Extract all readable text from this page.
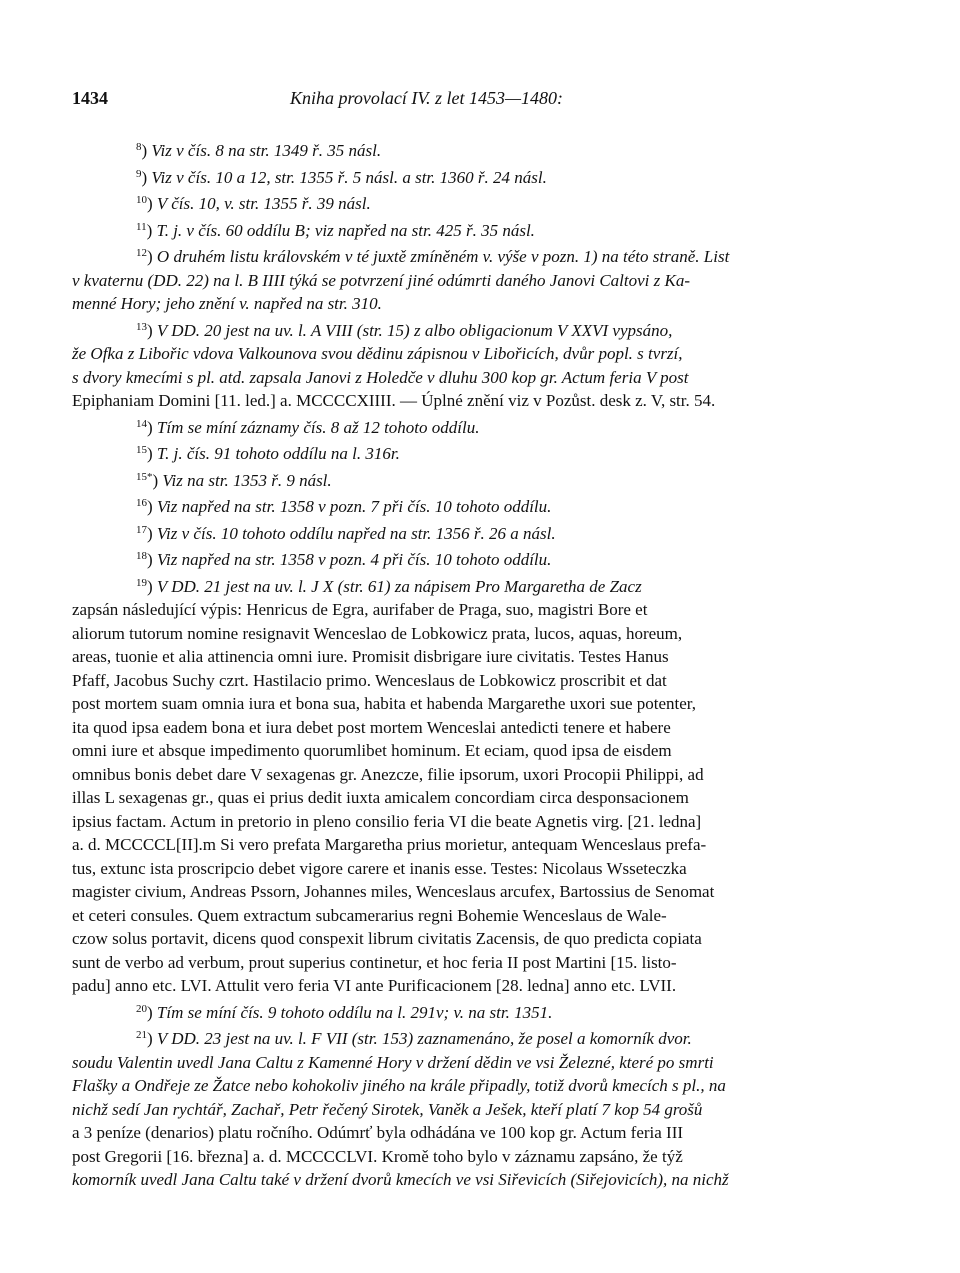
1434	Kniha provolací IV. z let 1453—1480:

$^8$) Viz v čís. 8 na str. 1349 ř. 35 násl.

$^9$) Viz v čís. 10 a 12, str. 1355 ř. 5 násl. a str. 1360 ř. 24 násl.

$^{10}$) V čís. 10, v. str. 1355 ř. 39 násl.

$^{11}$) T. j. v čís. 60 oddílu B; viz napřed na str. 425 ř. 35 násl.

$^{12}$) O druhém listu královském v té juxtě zmíněném v. výše v pozn. 1) na této straně. List

v kvaternu (DD. 22) na l. B IIII týká se potvrzení jiné odúmrti daného Janovi Caltovi z Ka-

menné Hory; jeho znění v. napřed na str. 310.

$^{13}$) V DD. 20 jest na uv. l. A VIII (str. 15) z albo obligacionum V XXVI vypsáno,

že Ofka z Libořic vdova Valkounova svou dědinu zápisnou v Libořicích, dvůr popl. s tvrzí,

s dvory kmecími s pl. atd. zapsala Janovi z Holedče v dluhu 300 kop gr. Actum feria V post

Epiphaniam Domini [11. led.] a. MCCCCXIIII. — Úplné znění viz v Pozůst. desk z. V, str. 54.

$^{14}$) Tím se míní záznamy čís. 8 až 12 tohoto oddílu.

$^{15}$) T. j. čís. 91 tohoto oddílu na l. 316r.

$^{15*}$) Viz na str. 1353 ř. 9 násl.

$^{16}$) Viz napřed na str. 1358 v pozn. 7 při čís. 10 tohoto oddílu.

$^{17}$) Viz v čís. 10 tohoto oddílu napřed na str. 1356 ř. 26 a násl.

$^{18}$) Viz napřed na str. 1358 v pozn. 4 při čís. 10 tohoto oddílu.

$^{19}$) V DD. 21 jest na uv. l. J X (str. 61) za nápisem Pro Margaretha de Zacz

zapsán následující výpis: Henricus de Egra, aurifaber de Praga, suo, magistri Bore et

aliorum tutorum nomine resignavit Wenceslao de Lobkowicz prata, lucos, aquas, horeum,

areas, tuonie et alia attinencia omni iure. Promisit disbrigare iure civitatis. Testes Hanus

Pfaff, Jacobus Suchy czrt. Hastilacio primo. Wenceslaus de Lobkowicz proscribit et dat

post mortem suam omnia iura et bona sua, habita et habenda Margarethe uxori sue potenter,

ita quod ipsa eadem bona et iura debet post mortem Wenceslai antedicti tenere et habere

omni iure et absque impedimento quorumlibet hominum. Et eciam, quod ipsa de eisdem

omnibus bonis debet dare V sexagenas gr. Anezcze, filie ipsorum, uxori Procopii Philippi, ad

illas L sexagenas gr., quas ei prius dedit iuxta amicalem concordiam circa desponsacionem

ipsius factam. Actum in pretorio in pleno consilio feria VI die beate Agnetis virg. [21. ledna]

a. d. MCCCCL[II].m Si vero prefata Margaretha prius morietur, antequam Wenceslaus prefa-

tus, extunc ista proscripcio debet vigore carere et inanis esse. Testes: Nicolaus Wsseteczka

magister civium, Andreas Pssorn, Johannes miles, Wenceslaus arcufex, Bartossius de Senomat

et ceteri consules. Quem extractum subcamerarius regni Bohemie Wenceslaus de Wale-

czow solus portavit, dicens quod conspexit librum civitatis Zacensis, de quo predicta copiata

sunt de verbo ad verbum, prout superius continetur, et hoc feria II post Martini [15. listo-

padu] anno etc. LVI. Attulit vero feria VI ante Purificacionem [28. ledna] anno etc. LVII.

$^{20}$) Tím se míní čís. 9 tohoto oddílu na l. 291v; v. na str. 1351.

$^{21}$) V DD. 23 jest na uv. l. F VII (str. 153) zaznamenáno, že posel a komorník dvor.

soudu Valentin uvedl Jana Caltu z Kamenné Hory v držení dědin ve vsi Železné, které po smrti

Flašky a Ondřeje ze Žatce nebo kohokoliv jiného na krále připadly, totiž dvorů kmecích s pl., na

nichž sedí Jan rychtář, Zachař, Petr řečený Sirotek, Vaněk a Ješek, kteří platí 7 kop 54 grošů

a 3 peníze (denarios) platu ročního. Odúmrť byla odhádána ve 100 kop gr. Actum feria III

post Gregorii [16. března] a. d. MCCCCLVI. Kromě toho bylo v záznamu zapsáno, že týž

komorník uvedl Jana Caltu také v držení dvorů kmecích ve vsi Siřevicích (Siřejovicích), na nichž
